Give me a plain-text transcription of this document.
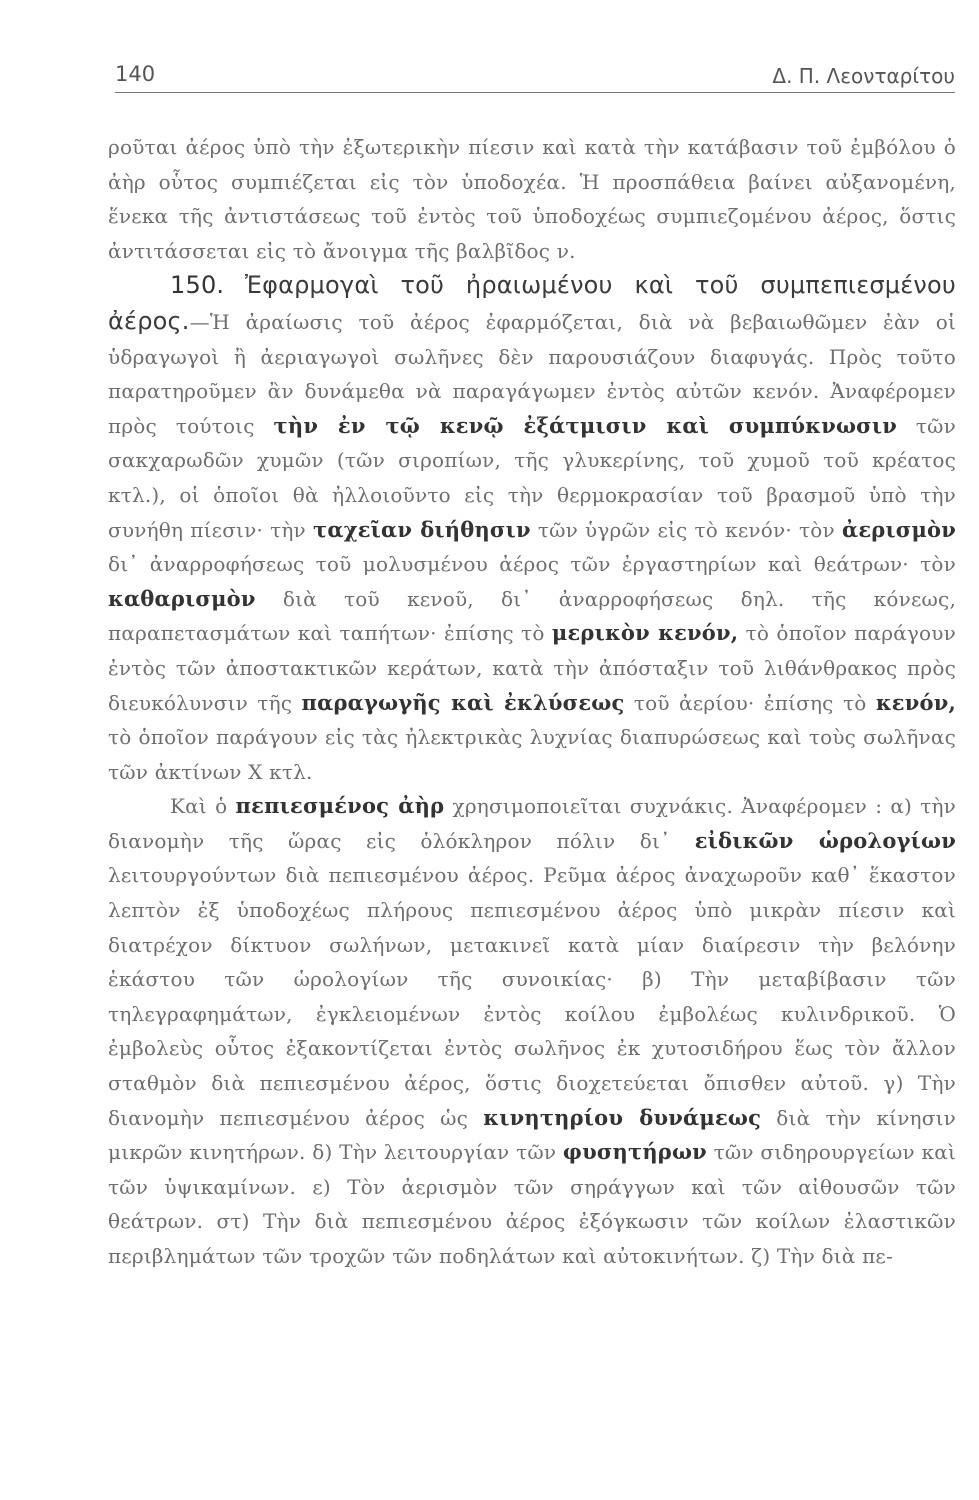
140	Δ. Π. Λεονταρίτου

ροῦται ἀέρος ὑπὸ τὴν ἐξωτερικὴν πίεσιν καὶ κατὰ τὴν κατάβασιν τοῦ ἐμβόλου ὁ ἀὴρ οὗτος συμπιέζεται εἰς τὸν ὑποδοχέα. Ἡ προσπάθεια βαίνει αὐξανομένη, ἕνεκα τῆς ἀντιστάσεως τοῦ ἐντὸς τοῦ ὑποδοχέως συμπιεζομένου ἀέρος, ὅστις ἀντιτάσσεται εἰς τὸ ἄνοιγμα τῆς βαλβῖδος ν.

150. Ἐφαρμογαὶ τοῦ ἠραιωμένου καὶ τοῦ συμπεπιεσμένου ἀέρος.—Ἡ ἀραίωσις τοῦ ἀέρος ἐφαρμόζεται, διὰ νὰ βεβαιωθῶμεν ἐὰν οἱ ὑδραγωγοὶ ἢ ἀεριαγωγοὶ σωλῆνες δὲν παρουσιάζουν διαφυγάς. Πρὸς τοῦτο παρατηροῦμεν ἂν δυνάμεθα νὰ παραγάγωμεν ἐντὸς αὐτῶν κενόν. Ἀναφέρομεν πρὸς τούτοις τὴν ἐν τῷ κενῷ ἐξάτμισιν καὶ συμπύκνωσιν τῶν σακχαρωδῶν χυμῶν (τῶν σιροπίων, τῆς γλυκερίνης, τοῦ χυμοῦ τοῦ κρέατος κτλ.), οἱ ὁποῖοι θὰ ἠλλοιοῦντο εἰς τὴν θερμοκρασίαν τοῦ βρασμοῦ ὑπὸ τὴν συνήθη πίεσιν· τὴν ταχεῖαν διήθησιν τῶν ὑγρῶν εἰς τὸ κενόν· τὸν ἀερισμὸν δι᾽ ἀναρροφήσεως τοῦ μολυσμένου ἀέρος τῶν ἐργαστηρίων καὶ θεάτρων· τὸν καθαρισμὸν διὰ τοῦ κενοῦ, δι᾽ ἀναρροφήσεως δηλ. τῆς κόνεως, παραπετασμάτων καὶ ταπήτων· ἐπίσης τὸ μερικὸν κενόν, τὸ ὁποῖον παράγουν ἐντὸς τῶν ἀποστακτικῶν κεράτων, κατὰ τὴν ἀπόσταξιν τοῦ λιθάνθρακος πρὸς διευκόλυνσιν τῆς παραγωγῆς καὶ ἐκλύσεως τοῦ ἀερίου· ἐπίσης τὸ κενόν, τὸ ὁποῖον παράγουν εἰς τὰς ἠλεκτρικὰς λυχνίας διαπυρώσεως καὶ τοὺς σωλῆνας τῶν ἀκτίνων X κτλ.

Καὶ ὁ πεπιεσμένος ἀὴρ χρησιμοποιεῖται συχνάκις. Ἀναφέρομεν : α) τὴν διανομὴν τῆς ὥρας εἰς ὁλόκληρον πόλιν δι᾽ εἰδικῶν ὡρολογίων λειτουργούντων διὰ πεπιεσμένου ἀέρος. Ρεῦμα ἀέρος ἀναχωροῦν καθ᾽ ἕκαστον λεπτὸν ἐξ ὑποδοχέως πλήρους πεπιεσμένου ἀέρος ὑπὸ μικρὰν πίεσιν καὶ διατρέχον δίκτυον σωλήνων, μετακινεῖ κατὰ μίαν διαίρεσιν τὴν βελόνην ἑκάστου τῶν ὡρολογίων τῆς συνοικίας· β) Τὴν μεταβίβασιν τῶν τηλεγραφημάτων, ἐγκλειομένων ἐντὸς κοίλου ἐμβολέως κυλινδρικοῦ. Ὁ ἐμβολεὺς οὗτος ἐξακοντίζεται ἐντὸς σωλῆνος ἐκ χυτοσιδήρου ἕως τὸν ἄλλον σταθμὸν διὰ πεπιεσμένου ἀέρος, ὅστις διοχετεύεται ὄπισθεν αὐτοῦ. γ) Τὴν διανομὴν πεπιεσμένου ἀέρος ὡς κινητηρίου δυνάμεως διὰ τὴν κίνησιν μικρῶν κινητήρων. δ) Τὴν λειτουργίαν τῶν φυσητήρων τῶν σιδηρουργείων καὶ τῶν ὑψικαμίνων. ε) Τὸν ἀερισμὸν τῶν σηράγγων καὶ τῶν αἰθουσῶν τῶν θεάτρων. στ) Τὴν διὰ πεπιεσμένου ἀέρος ἐξόγκωσιν τῶν κοίλων ἐλαστικῶν περιβλημάτων τῶν τροχῶν τῶν ποδηλάτων καὶ αὐτοκινήτων. ζ) Τὴν διὰ πε-
